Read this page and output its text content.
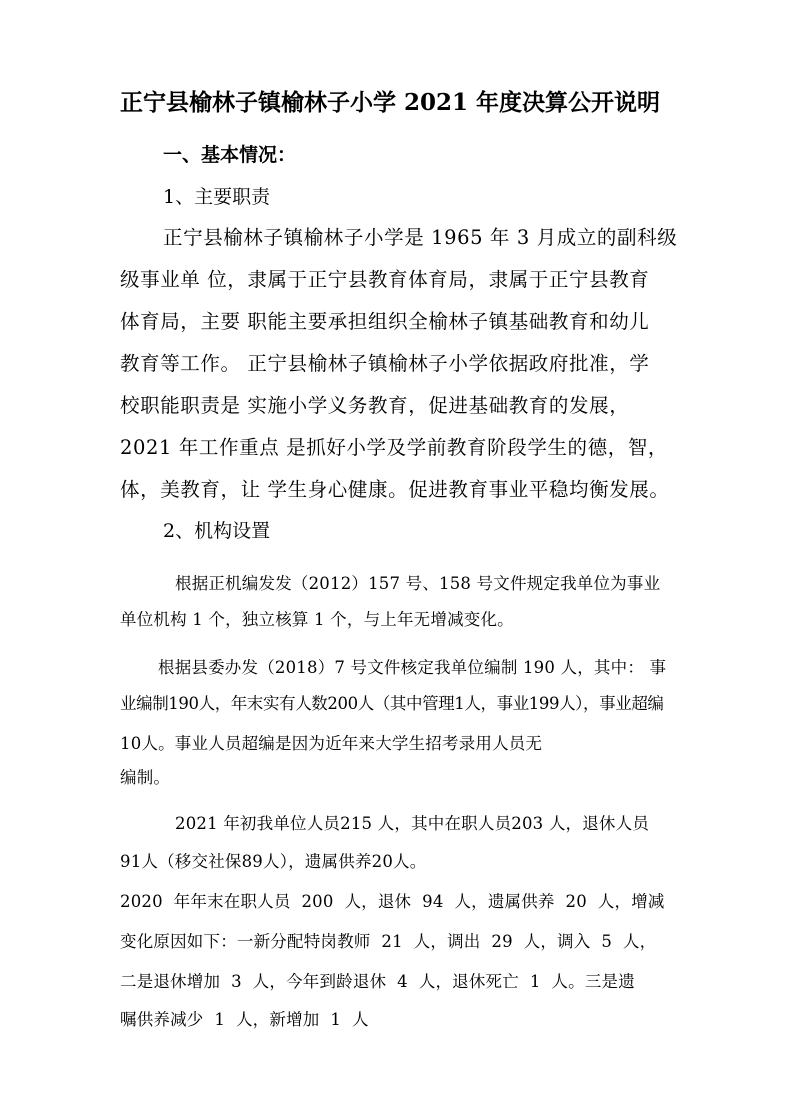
正宁县榆林子镇榆林子小学 2021 年度决算公开说明
一、基本情况：
1、主要职责
正宁县榆林子镇榆林子小学是 1965 年 3 月成立的副科级
级事业单 位，隶属于正宁县教育体育局，隶属于正宁县教育
体育局，主要 职能主要承担组织全榆林子镇基础教育和幼儿
教育等工作。 正宁县榆林子镇榆林子小学依据政府批准，学
校职能职责是 实施小学义务教育，促进基础教育的发展，
2021 年工作重点 是抓好小学及学前教育阶段学生的德，智，
体，美教育，让 学生身心健康。促进教育事业平稳均衡发展。
2、机构设置
根据正机编发发（2012）157 号、158 号文件规定我单位为事业
单位机构 1 个，独立核算 1 个，与上年无增减变化。
根据县委办发（2018）7 号文件核定我单位编制 190 人，其中： 事
业编制190人，年末实有人数200人（其中管理1人，事业199人），事业超编
10人。事业人员超编是因为近年来大学生招考录用人员无
编制。
2021 年初我单位人员215 人，其中在职人员203 人，退休人员
91人（移交社保89人），遗属供养20人。
2020  年年末在职人员  200  人，退休  94  人，遗属供养  20  人，增减
变化原因如下：一新分配特岗教师  21  人，调出  29  人，调入  5  人，
二是退休增加  3  人，今年到龄退休  4  人，退休死亡  1  人。三是遗
嘱供养减少  1  人，新增加  1  人
